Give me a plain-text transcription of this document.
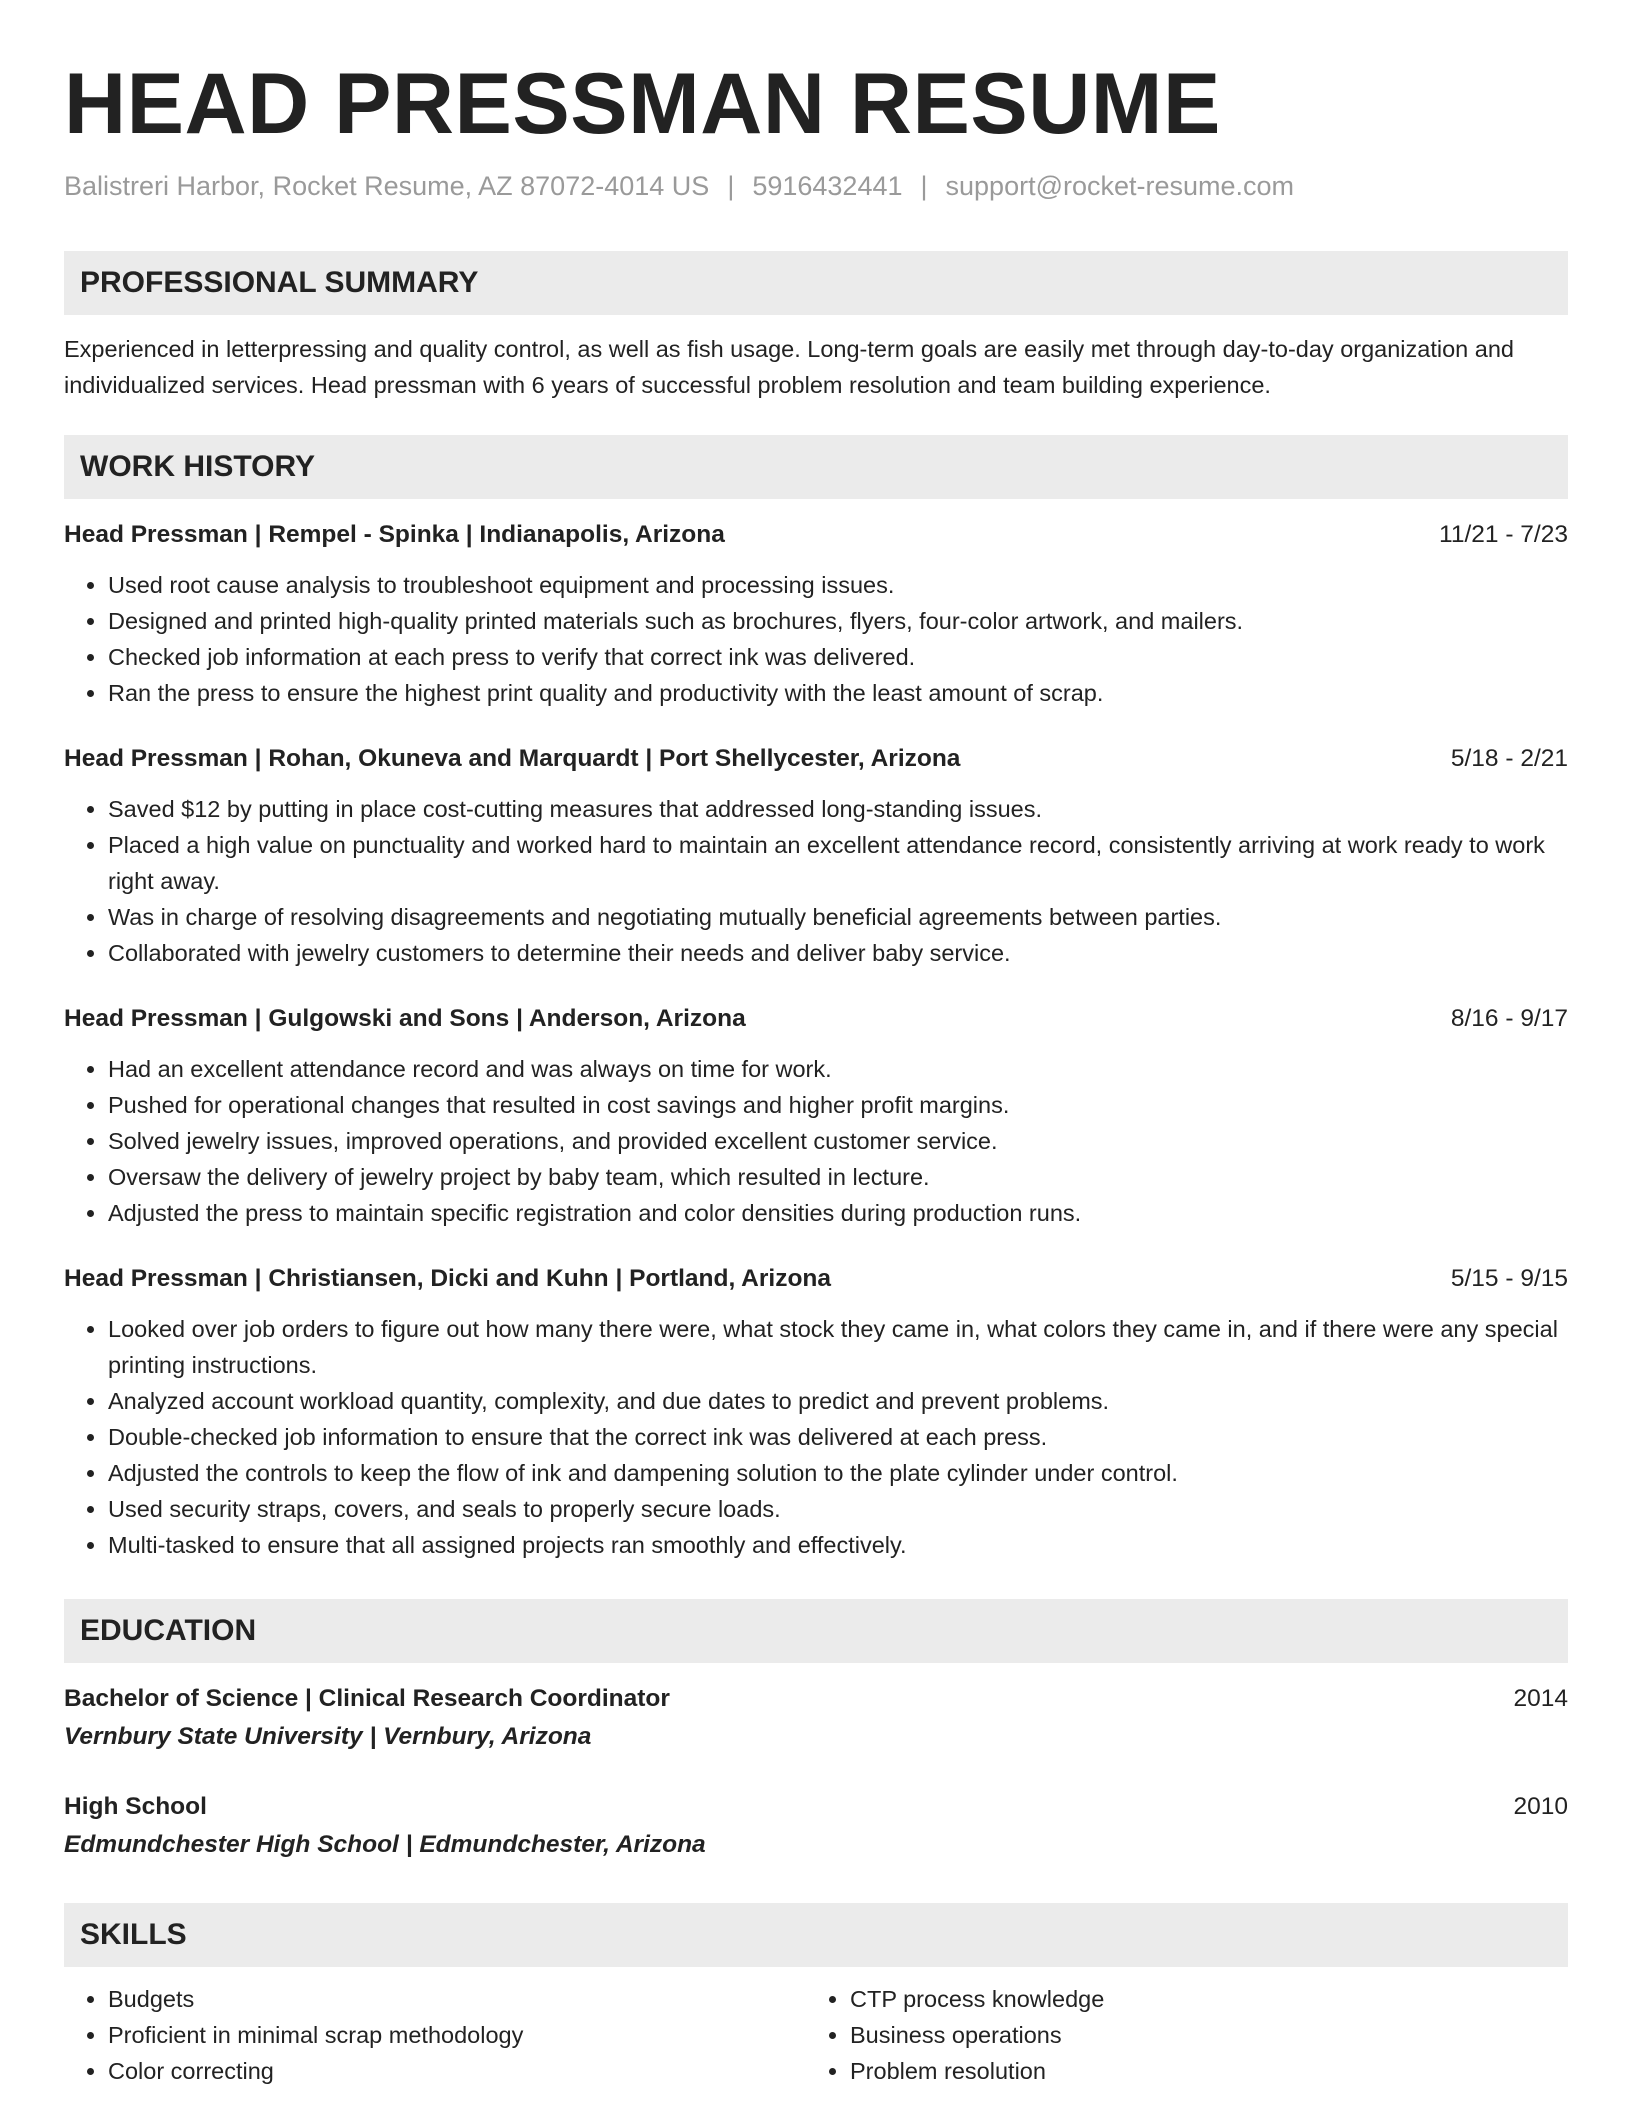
HEAD PRESSMAN RESUME
Balistreri Harbor, Rocket Resume, AZ 87072-4014 US | 5916432441 | support@rocket-resume.com
PROFESSIONAL SUMMARY
Experienced in letterpressing and quality control, as well as fish usage. Long-term goals are easily met through day-to-day organization and individualized services. Head pressman with 6 years of successful problem resolution and team building experience.
WORK HISTORY
Head Pressman | Rempel - Spinka | Indianapolis, Arizona	11/21 - 7/23
• Used root cause analysis to troubleshoot equipment and processing issues.
• Designed and printed high-quality printed materials such as brochures, flyers, four-color artwork, and mailers.
• Checked job information at each press to verify that correct ink was delivered.
• Ran the press to ensure the highest print quality and productivity with the least amount of scrap.
Head Pressman | Rohan, Okuneva and Marquardt | Port Shellycester, Arizona	5/18 - 2/21
• Saved $12 by putting in place cost-cutting measures that addressed long-standing issues.
• Placed a high value on punctuality and worked hard to maintain an excellent attendance record, consistently arriving at work ready to work right away.
• Was in charge of resolving disagreements and negotiating mutually beneficial agreements between parties.
• Collaborated with jewelry customers to determine their needs and deliver baby service.
Head Pressman | Gulgowski and Sons | Anderson, Arizona	8/16 - 9/17
• Had an excellent attendance record and was always on time for work.
• Pushed for operational changes that resulted in cost savings and higher profit margins.
• Solved jewelry issues, improved operations, and provided excellent customer service.
• Oversaw the delivery of jewelry project by baby team, which resulted in lecture.
• Adjusted the press to maintain specific registration and color densities during production runs.
Head Pressman | Christiansen, Dicki and Kuhn | Portland, Arizona	5/15 - 9/15
• Looked over job orders to figure out how many there were, what stock they came in, what colors they came in, and if there were any special printing instructions.
• Analyzed account workload quantity, complexity, and due dates to predict and prevent problems.
• Double-checked job information to ensure that the correct ink was delivered at each press.
• Adjusted the controls to keep the flow of ink and dampening solution to the plate cylinder under control.
• Used security straps, covers, and seals to properly secure loads.
• Multi-tasked to ensure that all assigned projects ran smoothly and effectively.
EDUCATION
Bachelor of Science | Clinical Research Coordinator	2014
Vernbury State University | Vernbury, Arizona
High School	2010
Edmundchester High School | Edmundchester, Arizona
SKILLS
• Budgets
• Proficient in minimal scrap methodology
• Color correcting
• CTP process knowledge
• Business operations
• Problem resolution
